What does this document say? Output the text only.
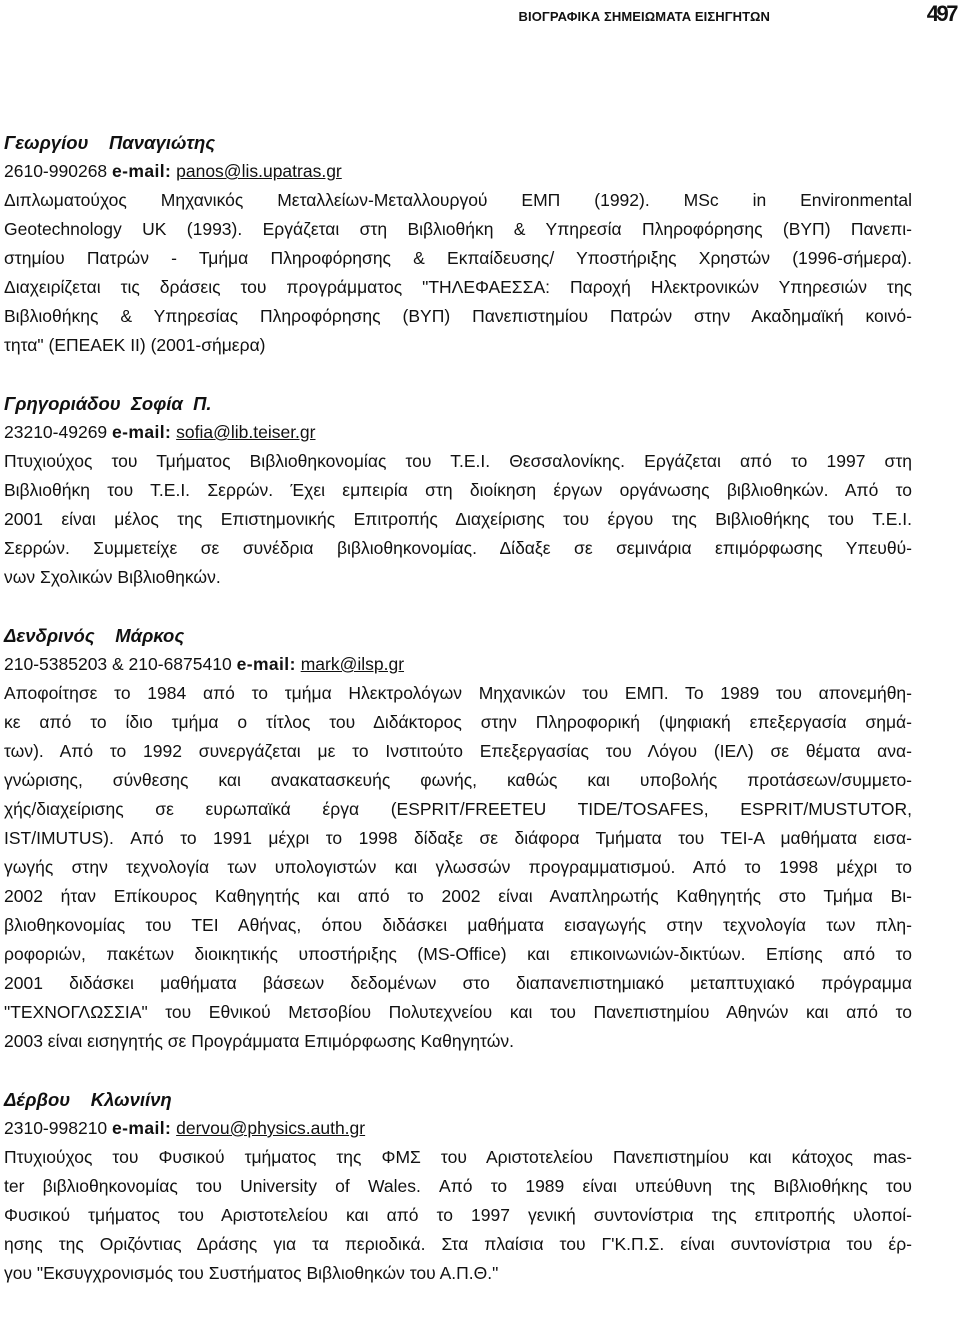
ΒΙΟΓΡΑΦΙΚΑ ΣΗΜΕΙΩΜΑΤΑ ΕΙΣΗΓΗΤΩΝ	497
Γεωργίου    Παναγιώτης
2610-990268 e-mail: panos@lis.upatras.gr
Διπλωματούχος Μηχανικός Μεταλλείων-Μεταλλουργού ΕΜΠ (1992). MSc in Environmental
Geotechnology UK (1993). Εργάζεται στη Βιβλιοθήκη & Υπηρεσία Πληροφόρησης (ΒΥΠ) Πανεπι-
στημίου Πατρών - Τμήμα Πληροφόρησης & Εκπαίδευσης/ Υποστήριξης Χρηστών (1996-σήμερα).
Διαχειρίζεται τις δράσεις του προγράμματος "ΤΗΛΕΦΑΕΣΣΑ: Παροχή Ηλεκτρονικών Υπηρεσιών της
Βιβλιοθήκης & Υπηρεσίας Πληροφόρησης (ΒΥΠ) Πανεπιστημίου Πατρών στην Ακαδημαϊκή κοινό-
τητα" (ΕΠΕΑΕΚ ΙΙ) (2001-σήμερα)
Γρηγοριάδου  Σοφία  Π.
23210-49269 e-mail: sofia@lib.teiser.gr
Πτυχιούχος του Τμήματος Βιβλιοθηκονομίας του Τ.Ε.Ι. Θεσσαλονίκης. Εργάζεται από το 1997 στη
Βιβλιοθήκη του Τ.Ε.Ι. Σερρών. Έχει εμπειρία στη διοίκηση έργων οργάνωσης βιβλιοθηκών. Από το
2001 είναι μέλος της Επιστημονικής Επιτροπής Διαχείρισης του έργου της Βιβλιοθήκης του Τ.Ε.Ι.
Σερρών. Συμμετείχε σε συνέδρια βιβλιοθηκονομίας. Δίδαξε σε σεμινάρια επιμόρφωσης Υπευθύ-
νων Σχολικών Βιβλιοθηκών.
Δενδρινός    Μάρκος
210-5385203 & 210-6875410 e-mail: mark@ilsp.gr
Αποφοίτησε το 1984 από το τμήμα Ηλεκτρολόγων Μηχανικών του ΕΜΠ. Το 1989 του απονεμήθη-
κε από το ίδιο τμήμα ο τίτλος του Διδάκτορος στην Πληροφορική (ψηφιακή επεξεργασία σημά-
των). Από το 1992 συνεργάζεται με το Ινστιτούτο Επεξεργασίας του Λόγου (ΙΕΛ) σε θέματα ανα-
γνώρισης, σύνθεσης και ανακατασκευής φωνής, καθώς και υποβολής προτάσεων/συμμετο-
χής/διαχείρισης σε ευρωπαϊκά έργα (ESPRIT/FREETEU TIDE/TOSAFES, ESPRIT/MUSTUTOR,
IST/IMUTUS). Από το 1991 μέχρι το 1998 δίδαξε σε διάφορα Τμήματα του ΤΕΙ-Α μαθήματα εισα-
γωγής στην τεχνολογία των υπολογιστών και γλωσσών προγραμματισμού. Από το 1998 μέχρι το
2002 ήταν Επίκουρος Καθηγητής και από το 2002 είναι Αναπληρωτής Καθηγητής στο Τμήμα Βι-
βλιοθηκονομίας του ΤΕΙ Αθήνας, όπου διδάσκει μαθήματα εισαγωγής στην τεχνολογία των πλη-
ροφοριών, πακέτων διοικητικής υποστήριξης (MS-Office) και επικοινωνιών-δικτύων. Επίσης από το
2001 διδάσκει μαθήματα βάσεων δεδομένων στο διαπανεπιστημιακό μεταπτυχιακό πρόγραμμα
"ΤΕΧΝΟΓΛΩΣΣΙΑ" του Εθνικού Μετσοβίου Πολυτεχνείου και του Πανεπιστημίου Αθηνών και από το
2003 είναι εισηγητής σε Προγράμματα Επιμόρφωσης Καθηγητών.
Δέρβου    Κλωνιίνη
2310-998210 e-mail: dervou@physics.auth.gr
Πτυχιούχος του Φυσικού τμήματος της ΦΜΣ του Αριστοτελείου Πανεπιστημίου και κάτοχος mas-
ter βιβλιοθηκονομίας του University of Wales. Από το 1989 είναι υπεύθυνη της Βιβλιοθήκης του
Φυσικού τμήματος του Αριστοτελείου και από το 1997 γενική συντονίστρια της επιτροπής υλοποί-
ησης της Οριζόντιας Δράσης για τα περιοδικά. Στα πλαίσια του Γ'Κ.Π.Σ. είναι συντονίστρια του έρ-
γου "Εκσυγχρονισμός του Συστήματος Βιβλιοθηκών του Α.Π.Θ."
